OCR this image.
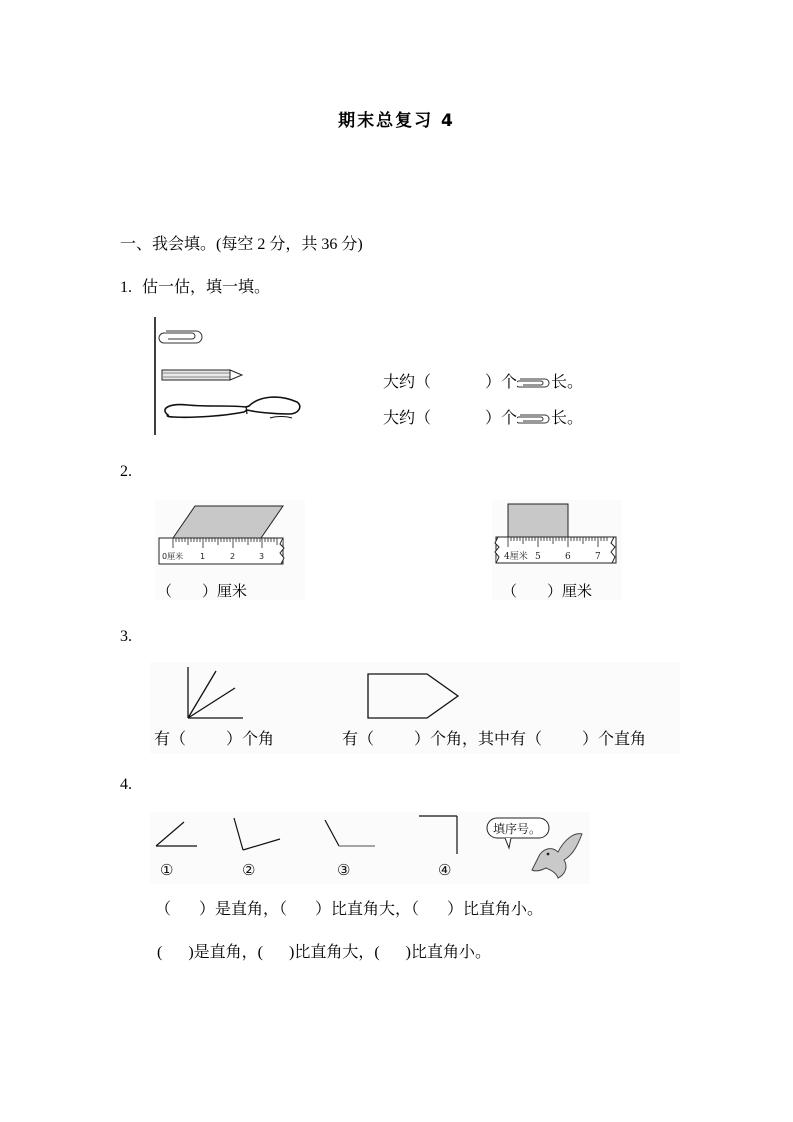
期末总复习 4
一、我会填。(每空 2 分，共 36 分)
1. 估一估，填一填。
大约（	）个 长。
大约（	）个 长。
2.
0厘米 1	2	3
（ ）厘米
4厘米 5	6	7
（ ）厘米
3.
有（	）个角	有（	）个角，其中有（	）个直角
4.
①	②	③	④
填序号。
（ ）是直角，（ ）比直角大，（ ）比直角小。
( )是直角，( )比直角大，( )比直角小。
